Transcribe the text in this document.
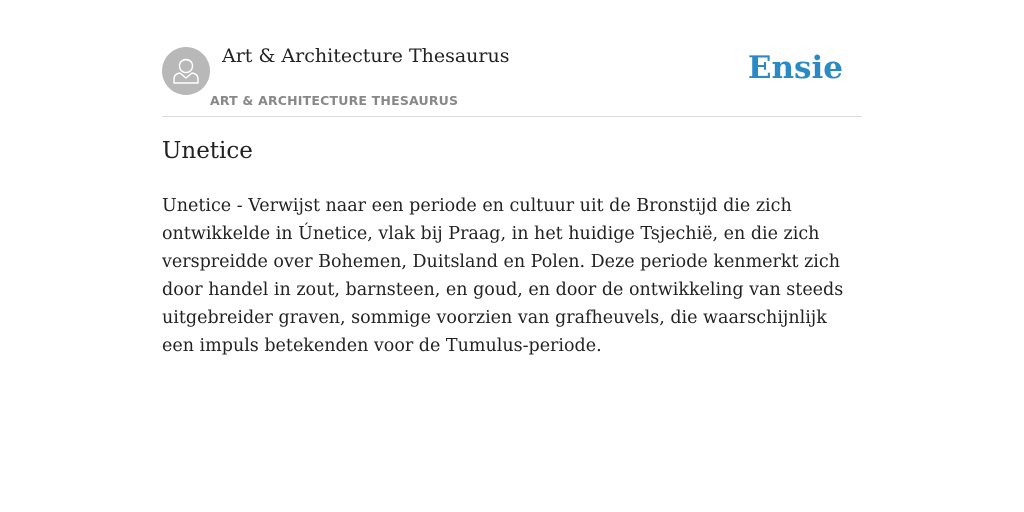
Art & Architecture Thesaurus
ART & ARCHITECTURE THESAURUS
Ensie
Unetice

Unetice - Verwijst naar een periode en cultuur uit de Bronstijd die zich ontwikkelde in Únetice, vlak bij Praag, in het huidige Tsjechië, en die zich verspreidde over Bohemen, Duitsland en Polen. Deze periode kenmerkt zich door handel in zout, barnsteen, en goud, en door de ontwikkeling van steeds uitgebreider graven, sommige voorzien van grafheuvels, die waarschijnlijk een impuls betekenden voor de Tumulus-periode.
